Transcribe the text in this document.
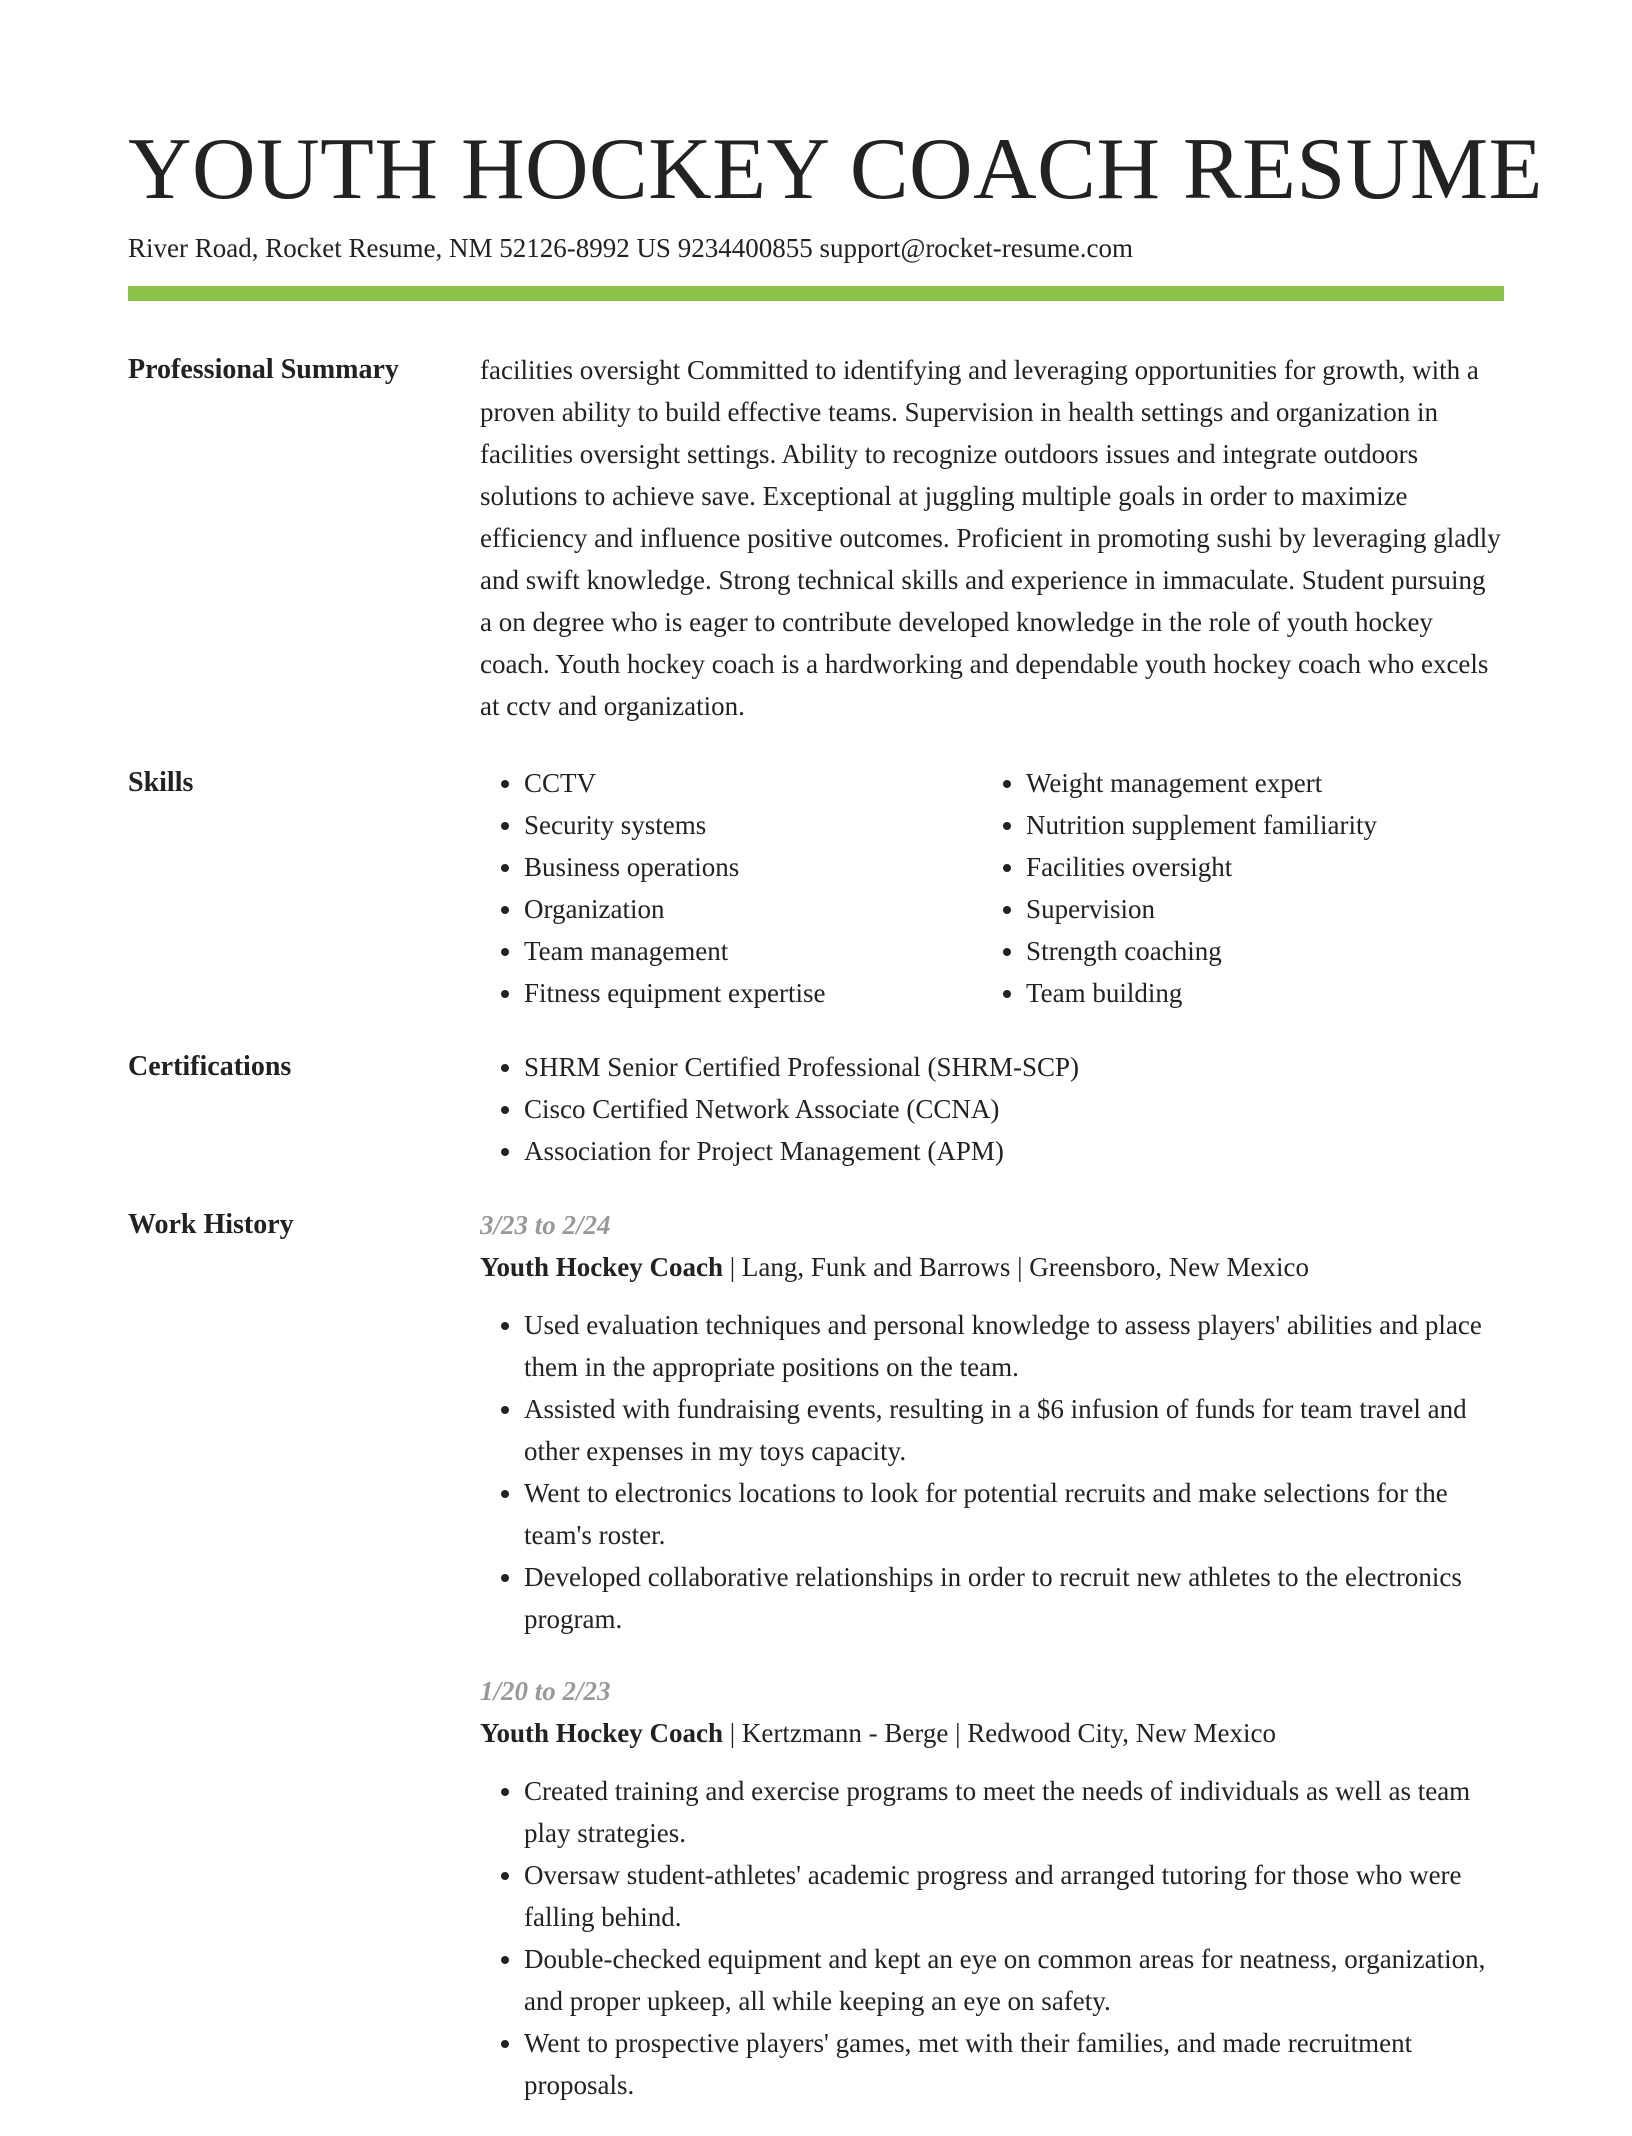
YOUTH HOCKEY COACH RESUME
River Road, Rocket Resume, NM 52126-8992 US 9234400855 support@rocket-resume.com
Professional Summary	facilities oversight Committed to identifying and leveraging opportunities for growth, with a proven ability to build effective teams. Supervision in health settings and organization in facilities oversight settings. Ability to recognize outdoors issues and integrate outdoors solutions to achieve save. Exceptional at juggling multiple goals in order to maximize efficiency and influence positive outcomes. Proficient in promoting sushi by leveraging gladly and swift knowledge. Strong technical skills and experience in immaculate. Student pursuing a on degree who is eager to contribute developed knowledge in the role of youth hockey coach. Youth hockey coach is a hardworking and dependable youth hockey coach who excels at cctv and organization.

Skills	• CCTV
• Security systems
• Business operations
• Organization
• Team management
• Fitness equipment expertise
• Weight management expert
• Nutrition supplement familiarity
• Facilities oversight
• Supervision
• Strength coaching
• Team building
Certifications	• SHRM Senior Certified Professional (SHRM-SCP)
• Cisco Certified Network Associate (CCNA)
• Association for Project Management (APM)
Work History	3/23 to 2/24
Youth Hockey Coach | Lang, Funk and Barrows | Greensboro, New Mexico
• Used evaluation techniques and personal knowledge to assess players' abilities and place them in the appropriate positions on the team.
• Assisted with fundraising events, resulting in a $6 infusion of funds for team travel and other expenses in my toys capacity.
• Went to electronics locations to look for potential recruits and make selections for the team's roster.
• Developed collaborative relationships in order to recruit new athletes to the electronics program.
1/20 to 2/23
Youth Hockey Coach | Kertzmann - Berge | Redwood City, New Mexico
• Created training and exercise programs to meet the needs of individuals as well as team play strategies.
• Oversaw student-athletes' academic progress and arranged tutoring for those who were falling behind.
• Double-checked equipment and kept an eye on common areas for neatness, organization, and proper upkeep, all while keeping an eye on safety.
• Went to prospective players' games, met with their families, and made recruitment proposals.
